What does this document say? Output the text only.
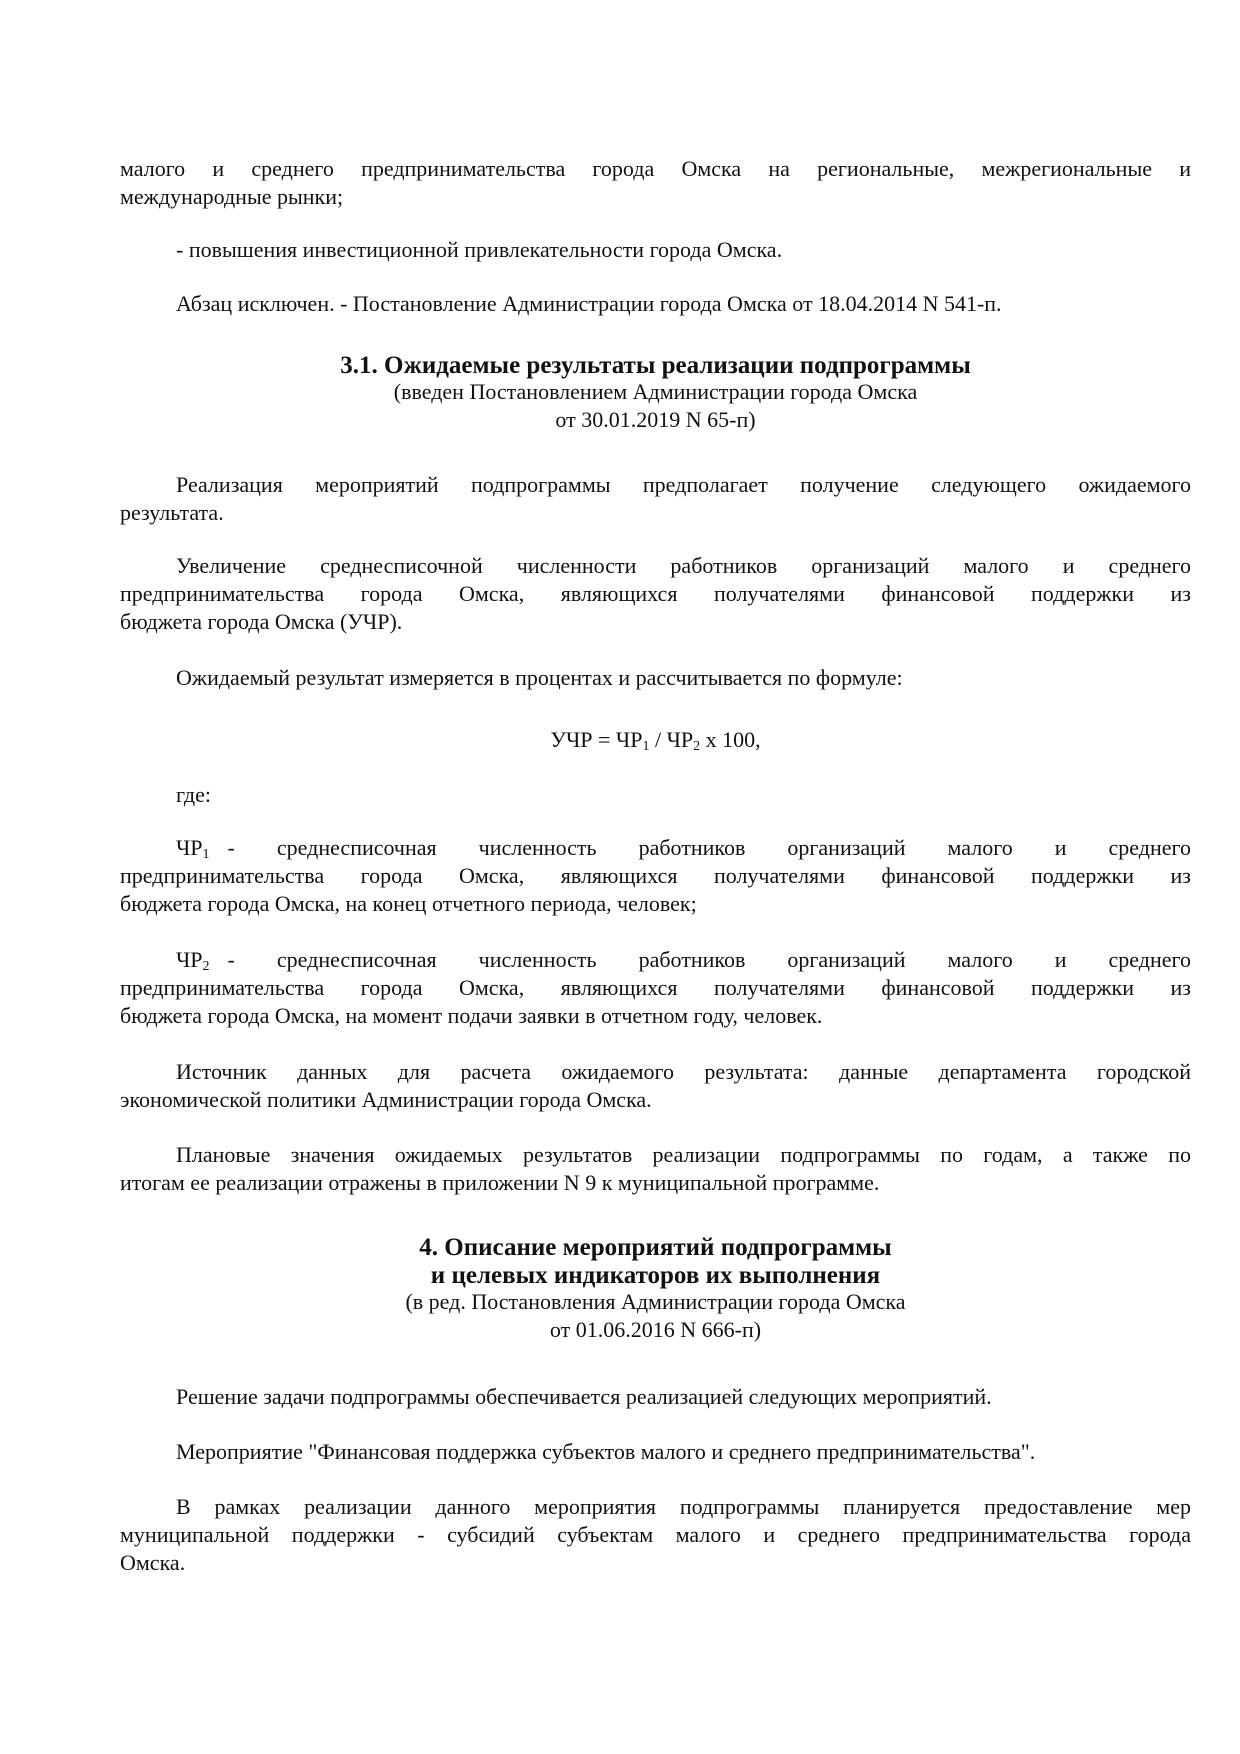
малого и среднего предпринимательства города Омска на региональные, межрегиональные и
международные рынки;
- повышения инвестиционной привлекательности города Омска.
Абзац исключен. - Постановление Администрации города Омска от 18.04.2014 N 541-п.
3.1. Ожидаемые результаты реализации подпрограммы
(введен Постановлением Администрации города Омска
от 30.01.2019 N 65-п)
Реализация мероприятий подпрограммы предполагает получение следующего ожидаемого
результата.
Увеличение среднесписочной численности работников организаций малого и среднего
предпринимательства города Омска, являющихся получателями финансовой поддержки из
бюджета города Омска (УЧР).
Ожидаемый результат измеряется в процентах и рассчитывается по формуле:
УЧР = $ЧР_1 / ЧР_2$ х 100,
где:
$ЧР_1$ - среднесписочная численность работников организаций малого и среднего
предпринимательства города Омска, являющихся получателями финансовой поддержки из
бюджета города Омска, на конец отчетного периода, человек;
$ЧР_2$ - среднесписочная численность работников организаций малого и среднего
предпринимательства города Омска, являющихся получателями финансовой поддержки из
бюджета города Омска, на момент подачи заявки в отчетном году, человек.
Источник данных для расчета ожидаемого результата: данные департамента городской
экономической политики Администрации города Омска.
Плановые значения ожидаемых результатов реализации подпрограммы по годам, а также по
итогам ее реализации отражены в приложении N 9 к муниципальной программе.
4. Описание мероприятий подпрограммы
и целевых индикаторов их выполнения
(в ред. Постановления Администрации города Омска
от 01.06.2016 N 666-п)
Решение задачи подпрограммы обеспечивается реализацией следующих мероприятий.
Мероприятие "Финансовая поддержка субъектов малого и среднего предпринимательства".
В рамках реализации данного мероприятия подпрограммы планируется предоставление мер
муниципальной поддержки - субсидий субъектам малого и среднего предпринимательства города
Омска.
